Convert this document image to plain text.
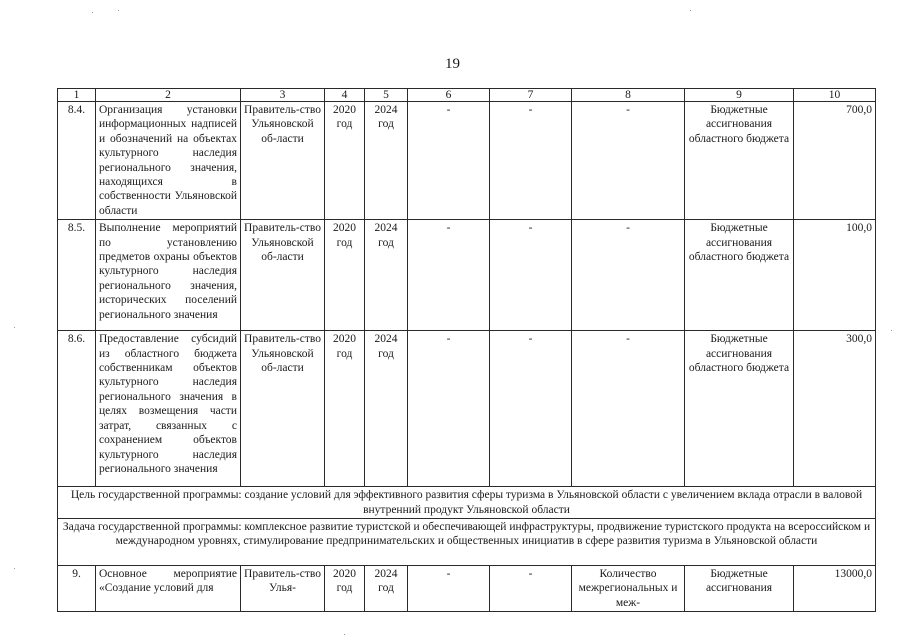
19
1	2	3	4	5	6	7	8	9	10
8.4.	Организация установки информационных надписей и обозначений на объектах культурного наследия регионального значения, находящихся в собственности Ульяновской области	Правитель-ство Ульяновской об-ласти	2020 год	2024 год	-	-	-	Бюджетные ассигнования областного бюджета	700,0
8.5.	Выполнение мероприятий по установлению предметов охраны объектов культурного наследия регионального значения, исторических поселений регионального значения	Правитель-ство Ульяновской об-ласти	2020 год	2024 год	-	-	-	Бюджетные ассигнования областного бюджета	100,0
8.6.	Предоставление субсидий из областного бюджета собственникам объектов культурного наследия регионального значения в целях возмещения части затрат, связанных с сохранением объектов культурного наследия регионального значения	Правитель-ство Ульяновской об-ласти	2020 год	2024 год	-	-	-	Бюджетные ассигнования областного бюджета	300,0
Цель государственной программы: создание условий для эффективного развития сферы туризма в Ульяновской области с увеличением вклада отрасли в валовой внутренний продукт Ульяновской области									
Задача государственной программы: комплексное развитие туристской и обеспечивающей инфраструктуры, продвижение туристского продукта на всероссийском и международном уровнях, стимулирование предпринимательских и общественных инициатив в сфере развития туризма в Ульяновской области									
9.	Основное мероприятие «Создание условий для	Правитель-ство Улья-	2020 год	2024 год	-	-	Количество межрегиональных и меж-	Бюджетные ассигнования	13000,0
